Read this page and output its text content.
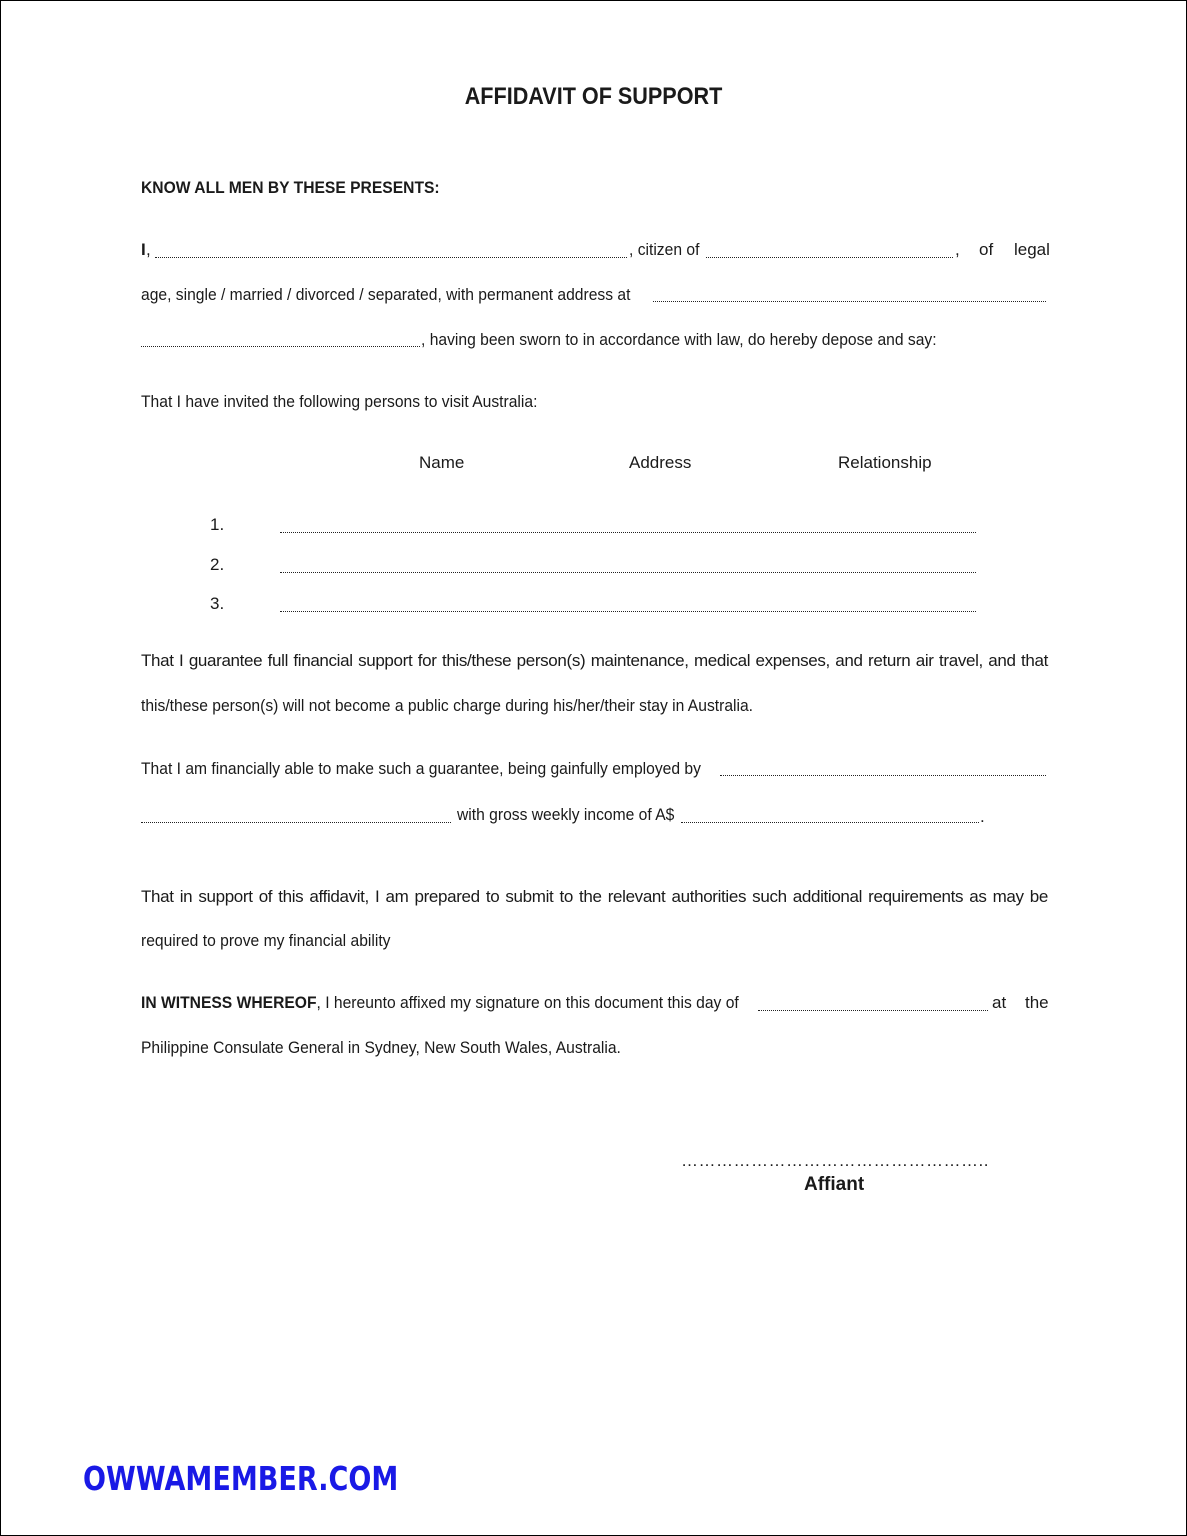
AFFIDAVIT OF SUPPORT
KNOW ALL MEN BY THESE PRESENTS:
I ,	, citizen of	, of legal
age, single / married / divorced / separated, with permanent address at
, having been sworn to in accordance with law, do hereby depose and say:
That I have invited the following persons to visit Australia:
Name	Address	Relationship
1.
2.
3.
That I guarantee full financial support for this/these person(s) maintenance, medical expenses, and return air travel, and that
this/these person(s) will not become a public charge during his/her/their stay in Australia.
That I am financially able to make such a guarantee, being gainfully employed by
with gross weekly income of A$	.
That in support of this affidavit, I am prepared to submit to the relevant authorities such additional requirements as may be
required to prove my financial ability
IN WITNESS WHEREOF, I hereunto affixed my signature on this document this day of	at the
Philippine Consulate General in Sydney, New South Wales, Australia.
……………………………………………..
Affiant
OWWAMEMBER.COM
